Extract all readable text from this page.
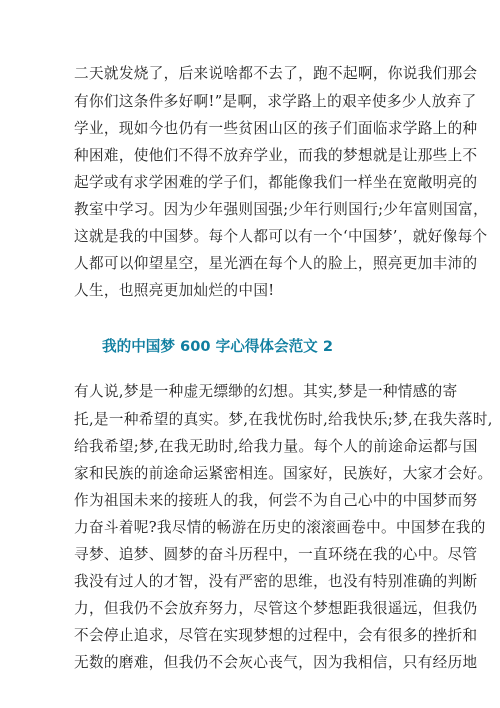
二天就发烧了，后来说啥都不去了，跑不起啊，你说我们那会
有你们这条件多好啊!”是啊，求学路上的艰辛使多少人放弃了
学业，现如今也仍有一些贫困山区的孩子们面临求学路上的种
种困难，使他们不得不放弃学业，而我的梦想就是让那些上不
起学或有求学困难的学子们，都能像我们一样坐在宽敞明亮的
教室中学习。因为少年强则国强;少年行则国行;少年富则国富，
这就是我的中国梦。每个人都可以有一个‘中国梦’，就好像每个
人都可以仰望星空，星光洒在每个人的脸上，照亮更加丰沛的
人生，也照亮更加灿烂的中国!
我的中国梦 600 字心得体会范文 2
有人说,梦是一种虚无缥缈的幻想。其实,梦是一种情感的寄
托,是一种希望的真实。梦,在我忧伤时,给我快乐;梦,在我失落时,
给我希望;梦,在我无助时,给我力量。每个人的前途命运都与国
家和民族的前途命运紧密相连。国家好，民族好，大家才会好。
作为祖国未来的接班人的我，何尝不为自己心中的中国梦而努
力奋斗着呢?我尽情的畅游在历史的滚滚画卷中。中国梦在我的
寻梦、追梦、圆梦的奋斗历程中，一直环绕在我的心中。尽管
我没有过人的才智，没有严密的思维，也没有特别准确的判断
力，但我仍不会放弃努力，尽管这个梦想距我很遥远，但我仍
不会停止追求，尽管在实现梦想的过程中，会有很多的挫折和
无数的磨难，但我仍不会灰心丧气，因为我相信，只有经历地
